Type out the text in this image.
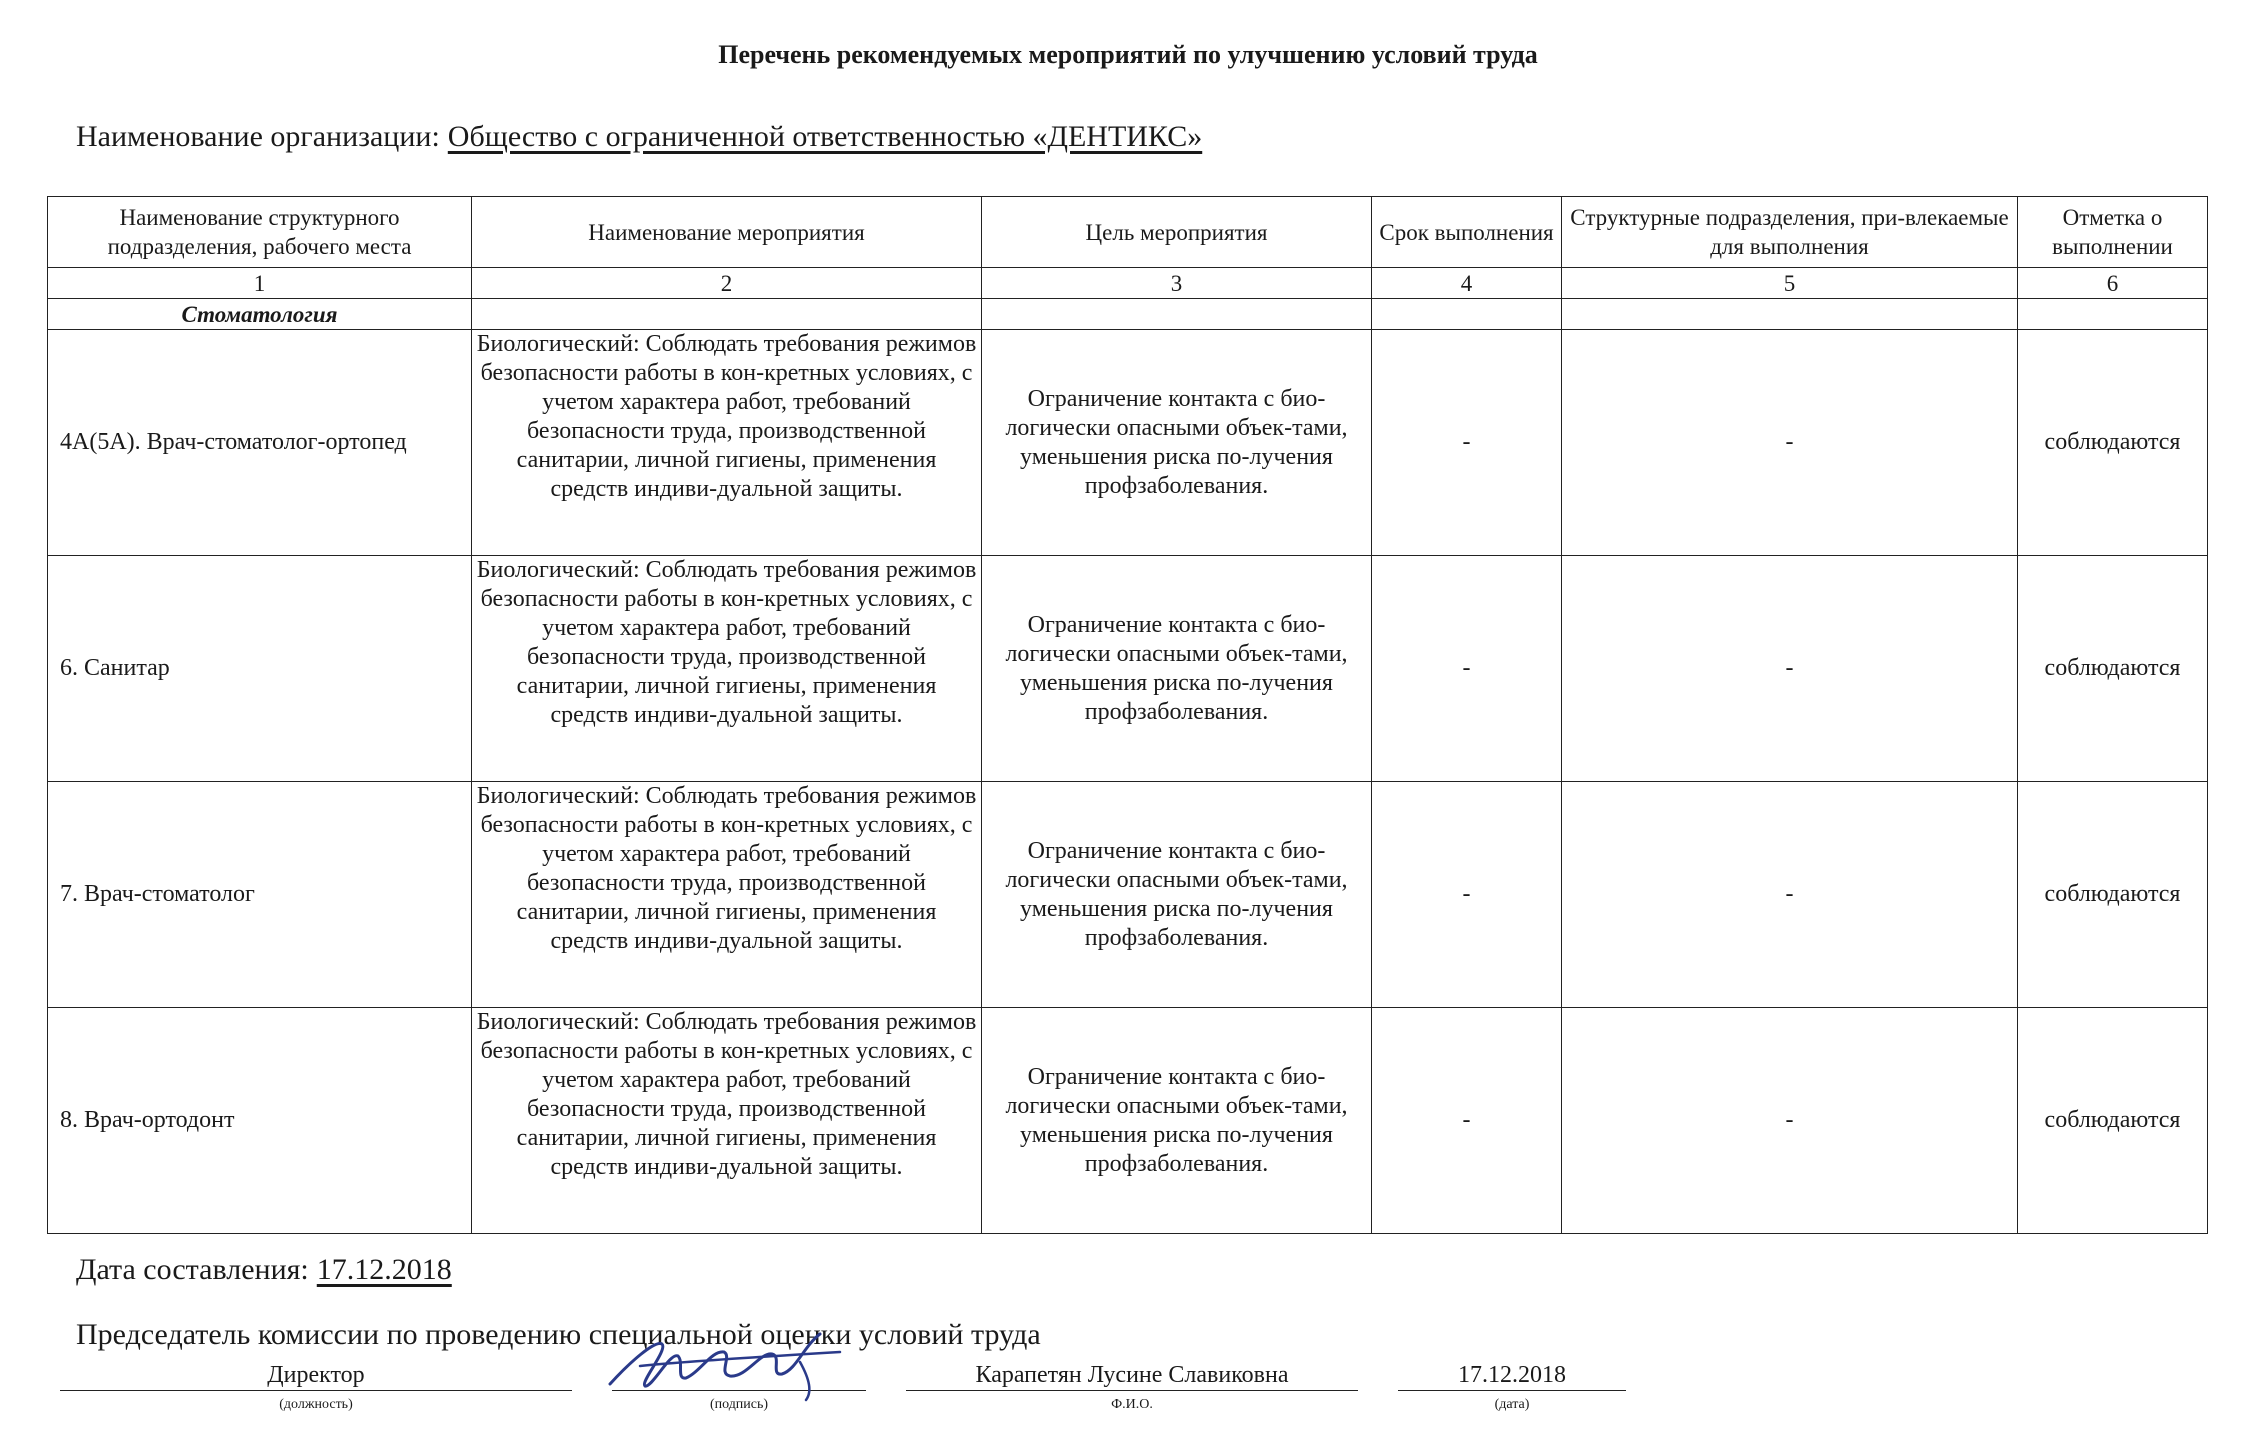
Перечень рекомендуемых мероприятий по улучшению условий труда
Наименование организации: Общество с ограниченной ответственностью «ДЕНТИКС»
Наименование структурного подразделения, рабочего места	Наименование мероприятия	Цель мероприятия	Срок выполнения	Структурные подразделения, при-влекаемые для выполнения	Отметка о выполнении
1	2	3	4	5	6
Стоматология					
4А(5А). Врач-стоматолог-ортопед	Биологический: Соблюдать требования режимов безопасности работы в кон-кретных условиях, с учетом характера работ, требований безопасности труда, производственной санитарии, личной гигиены, применения средств индиви-дуальной защиты.	Ограничение контакта с био-логически опасными объек-тами, уменьшения риска по-лучения профзаболевания.	-	-	соблюдаются
6. Санитар	Биологический: Соблюдать требования режимов безопасности работы в кон-кретных условиях, с учетом характера работ, требований безопасности труда, производственной санитарии, личной гигиены, применения средств индиви-дуальной защиты.	Ограничение контакта с био-логически опасными объек-тами, уменьшения риска по-лучения профзаболевания.	-	-	соблюдаются
7. Врач-стоматолог	Биологический: Соблюдать требования режимов безопасности работы в кон-кретных условиях, с учетом характера работ, требований безопасности труда, производственной санитарии, личной гигиены, применения средств индиви-дуальной защиты.	Ограничение контакта с био-логически опасными объек-тами, уменьшения риска по-лучения профзаболевания.	-	-	соблюдаются
8. Врач-ортодонт	Биологический: Соблюдать требования режимов безопасности работы в кон-кретных условиях, с учетом характера работ, требований безопасности труда, производственной санитарии, личной гигиены, применения средств индиви-дуальной защиты.	Ограничение контакта с био-логически опасными объек-тами, уменьшения риска по-лучения профзаболевания.	-	-	соблюдаются
Дата составления: 17.12.2018
Председатель комиссии по проведению специальной оценки условий труда
Директор
(должность)	(подпись)
Карапетян Лусине Славиковна
Ф.И.О.
17.12.2018
(дата)
